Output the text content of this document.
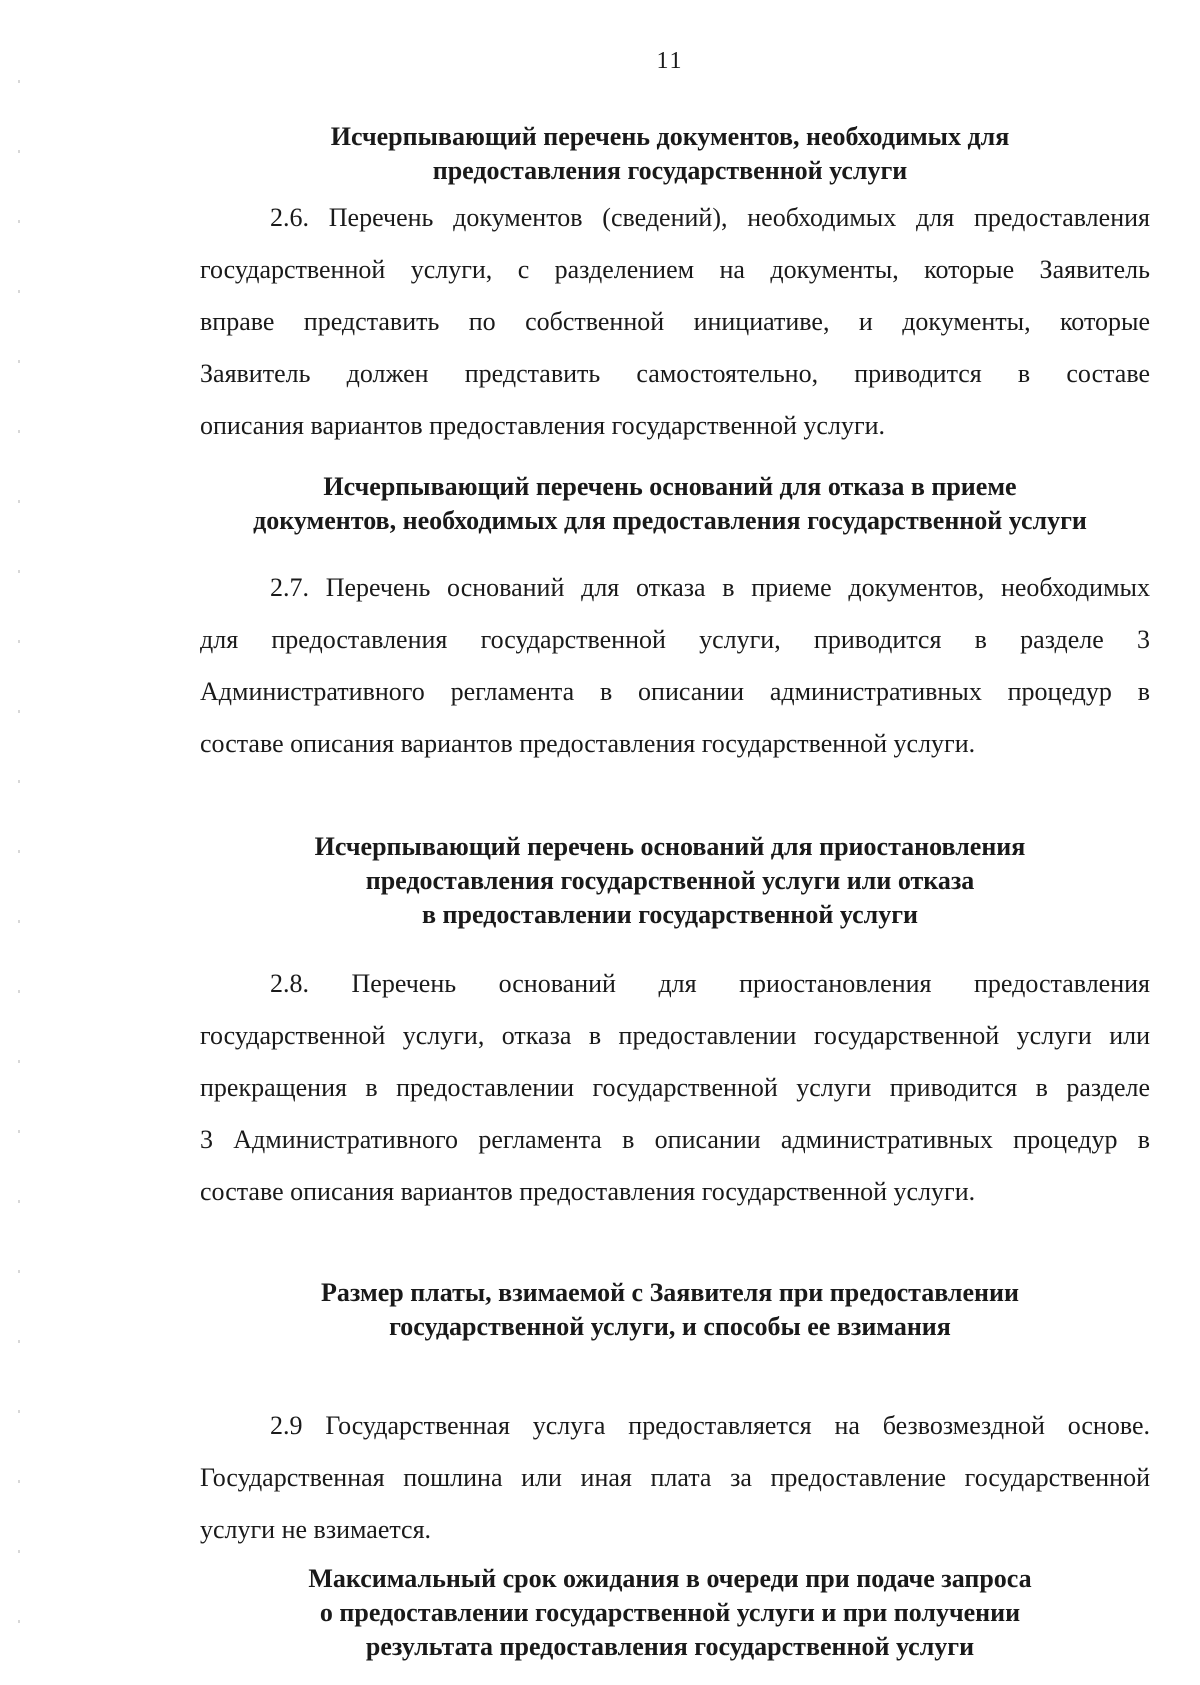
11
Исчерпывающий перечень документов, необходимых для
предоставления государственной услуги
2.6. Перечень документов (сведений), необходимых для предоставления
государственной услуги, с разделением на документы, которые Заявитель
вправе представить по собственной инициативе, и документы, которые
Заявитель должен представить самостоятельно, приводится в составе
описания вариантов предоставления государственной услуги.
Исчерпывающий перечень оснований для отказа в приеме
документов, необходимых для предоставления государственной услуги
2.7. Перечень оснований для отказа в приеме документов, необходимых
для предоставления государственной услуги, приводится в разделе 3
Административного регламента в описании административных процедур в
составе описания вариантов предоставления государственной услуги.
Исчерпывающий перечень оснований для приостановления
предоставления государственной услуги или отказа
в предоставлении государственной услуги
2.8. Перечень оснований для приостановления предоставления
государственной услуги, отказа в предоставлении государственной услуги или
прекращения в предоставлении государственной услуги приводится в разделе
3 Административного регламента в описании административных процедур в
составе описания вариантов предоставления государственной услуги.
Размер платы, взимаемой с Заявителя при предоставлении
государственной услуги, и способы ее взимания
2.9 Государственная услуга предоставляется на безвозмездной основе.
Государственная пошлина или иная плата за предоставление государственной
услуги не взимается.
Максимальный срок ожидания в очереди при подаче запроса
о предоставлении государственной услуги и при получении
результата предоставления государственной услуги
